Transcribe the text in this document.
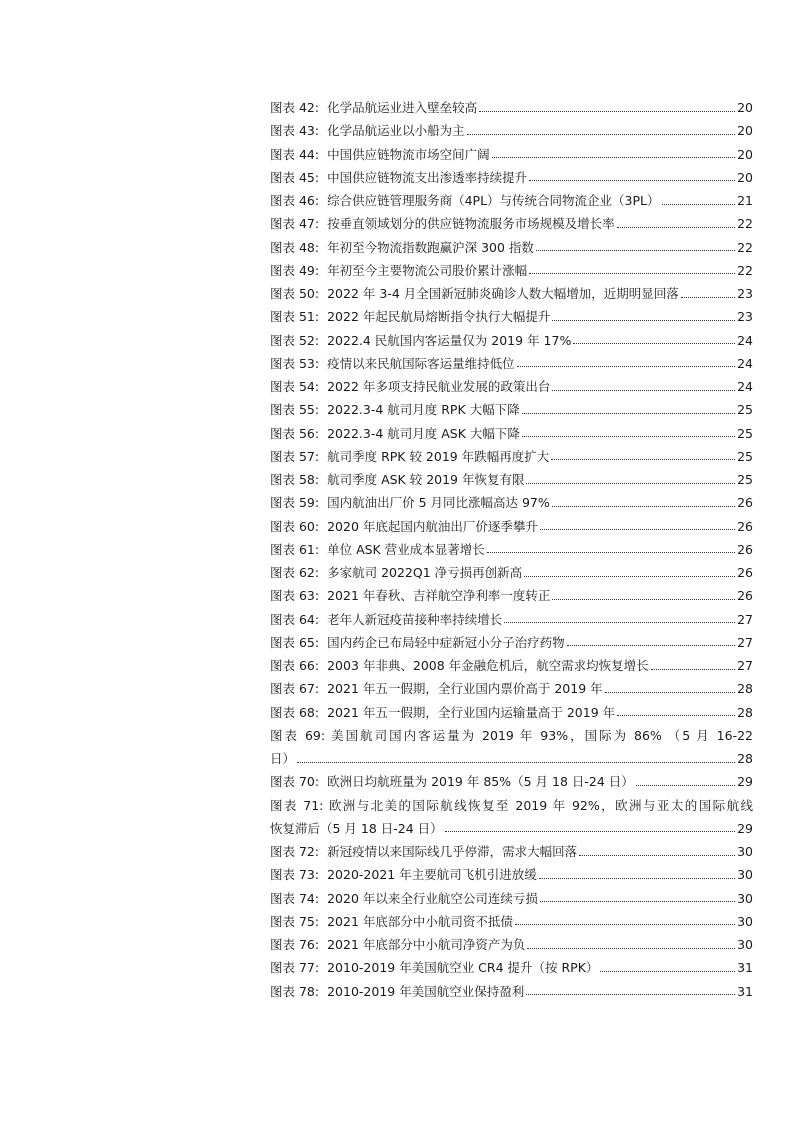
图表 42: 化学品航运业进入壁垒较高	20
图表 43: 化学品航运业以小船为主	20
图表 44: 中国供应链物流市场空间广阔	20
图表 45: 中国供应链物流支出渗透率持续提升	20
图表 46: 综合供应链管理服务商（4PL）与传统合同物流企业（3PL）	21
图表 47: 按垂直领域划分的供应链物流服务市场规模及增长率	22
图表 48: 年初至今物流指数跑赢沪深 300 指数	22
图表 49: 年初至今主要物流公司股价累计涨幅	22
图表 50: 2022 年 3-4 月全国新冠肺炎确诊人数大幅增加，近期明显回落	23
图表 51: 2022 年起民航局熔断指令执行大幅提升	23
图表 52: 2022.4 民航国内客运量仅为 2019 年 17%	24
图表 53: 疫情以来民航国际客运量维持低位	24
图表 54: 2022 年多项支持民航业发展的政策出台	24
图表 55: 2022.3-4 航司月度 RPK 大幅下降	25
图表 56: 2022.3-4 航司月度 ASK 大幅下降	25
图表 57: 航司季度 RPK 较 2019 年跌幅再度扩大	25
图表 58: 航司季度 ASK 较 2019 年恢复有限	25
图表 59: 国内航油出厂价 5 月同比涨幅高达 97%	26
图表 60: 2020 年底起国内航油出厂价逐季攀升	26
图表 61: 单位 ASK 营业成本显著增长	26
图表 62: 多家航司 2022Q1 净亏损再创新高	26
图表 63: 2021 年春秋、吉祥航空净利率一度转正	26
图表 64: 老年人新冠疫苗接种率持续增长	27
图表 65: 国内药企已布局轻中症新冠小分子治疗药物	27
图表 66: 2003 年非典、2008 年金融危机后，航空需求均恢复增长	27
图表 67: 2021 年五一假期，全行业国内票价高于 2019 年	28
图表 68: 2021 年五一假期，全行业国内运输量高于 2019 年	28
图表 69: 美国航司国内客运量为 2019 年 93%，国际为 86% （5 月 16-22
日）	28
图表 70: 欧洲日均航班量为 2019 年 85%（5 月 18 日-24 日）	29
图表 71: 欧洲与北美的国际航线恢复至 2019 年 92%，欧洲与亚太的国际航线
恢复滞后（5 月 18 日-24 日）	29
图表 72: 新冠疫情以来国际线几乎停滞，需求大幅回落	30
图表 73: 2020-2021 年主要航司飞机引进放缓	30
图表 74: 2020 年以来全行业航空公司连续亏损	30
图表 75: 2021 年底部分中小航司资不抵债	30
图表 76: 2021 年底部分中小航司净资产为负	30
图表 77: 2010-2019 年美国航空业 CR4 提升（按 RPK）	31
图表 78: 2010-2019 年美国航空业保持盈利	31
